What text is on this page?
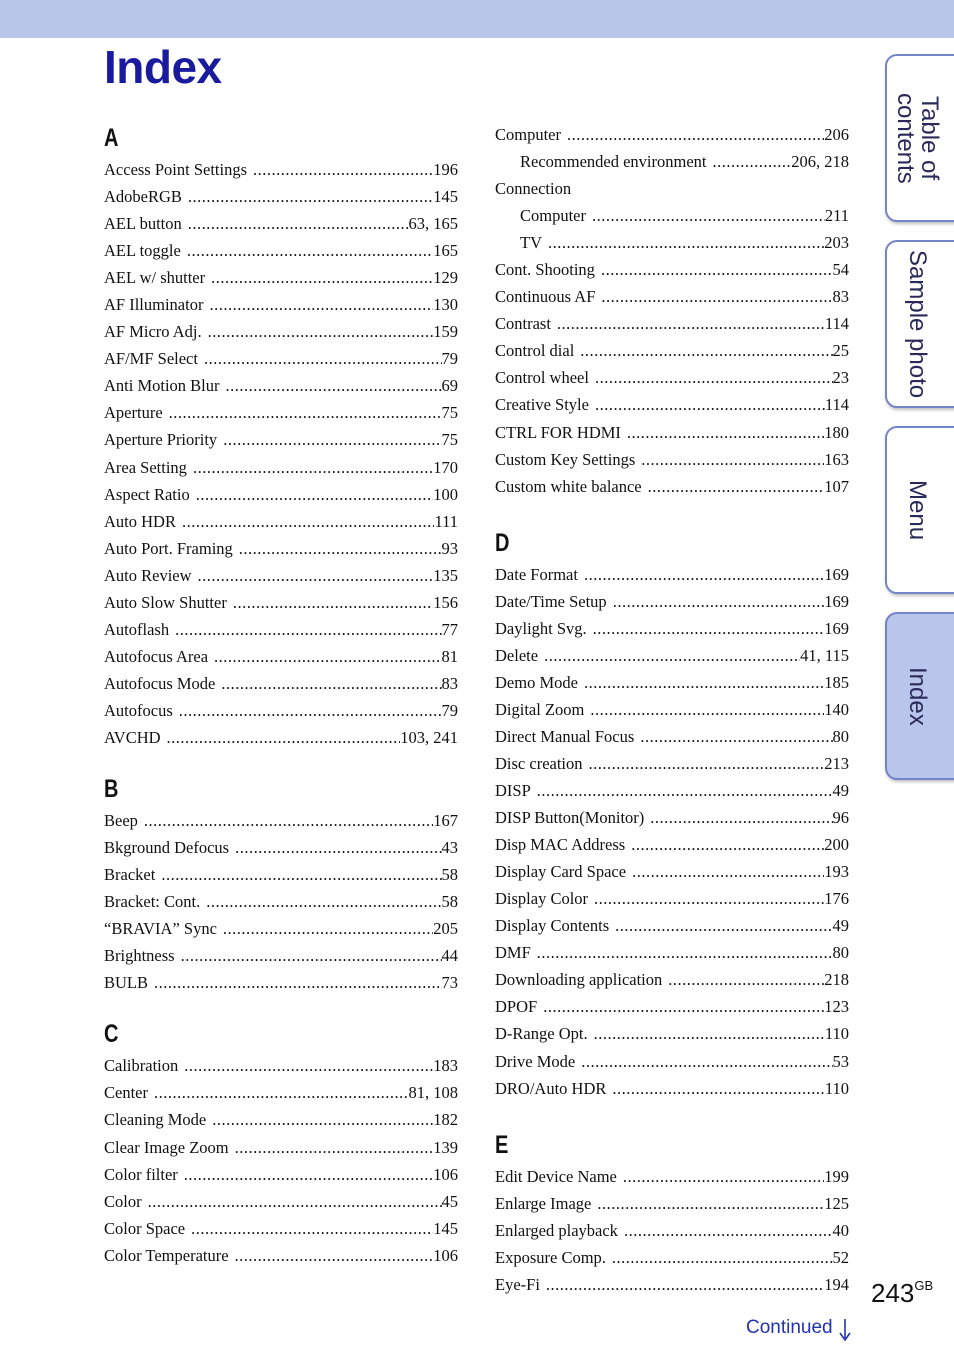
Index
A
Access Point Settings .....	196
AdobeRGB .....	145
AEL button .....	63, 165
AEL toggle .....	165
AEL w/ shutter .....	129
AF Illuminator .....	130
AF Micro Adj. .....	159
AF/MF Select .....	79
Anti Motion Blur .....	69
Aperture .....	75
Aperture Priority .....	75
Area Setting .....	170
Aspect Ratio .....	100
Auto HDR .....	111
Auto Port. Framing .....	93
Auto Review .....	135
Auto Slow Shutter .....	156
Autoflash .....	77
Autofocus Area .....	81
Autofocus Mode .....	83
Autofocus .....	79
AVCHD .....	103, 241
B
Beep .....	167
Bkground Defocus .....	43
Bracket .....	58
Bracket: Cont. .....	58
“BRAVIA” Sync .....	205
Brightness .....	44
BULB .....	73
C
Calibration .....	183
Center .....	81, 108
Cleaning Mode .....	182
Clear Image Zoom .....	139
Color filter .....	106
Color .....	45
Color Space .....	145
Color Temperature .....	106
Computer .....	206
Recommended environment .....	206, 218
Connection
Computer .....	211
TV .....	203
Cont. Shooting .....	54
Continuous AF .....	83
Contrast .....	114
Control dial .....	25
Control wheel .....	23
Creative Style .....	114
CTRL FOR HDMI .....	180
Custom Key Settings .....	163
Custom white balance .....	107
D
Date Format .....	169
Date/Time Setup .....	169
Daylight Svg. .....	169
Delete .....	41, 115
Demo Mode .....	185
Digital Zoom .....	140
Direct Manual Focus .....	80
Disc creation .....	213
DISP .....	49
DISP Button(Monitor) .....	96
Disp MAC Address .....	200
Display Card Space .....	193
Display Color .....	176
Display Contents .....	49
DMF .....	80
Downloading application .....	218
DPOF .....	123
D-Range Opt. .....	110
Drive Mode .....	53
DRO/Auto HDR .....	110
E
Edit Device Name .....	199
Enlarge Image .....	125
Enlarged playback .....	40
Exposure Comp. .....	52
Eye-Fi .....	194
Table of contents
Sample photo
Menu
Index
$243^{GB}$
Continued
